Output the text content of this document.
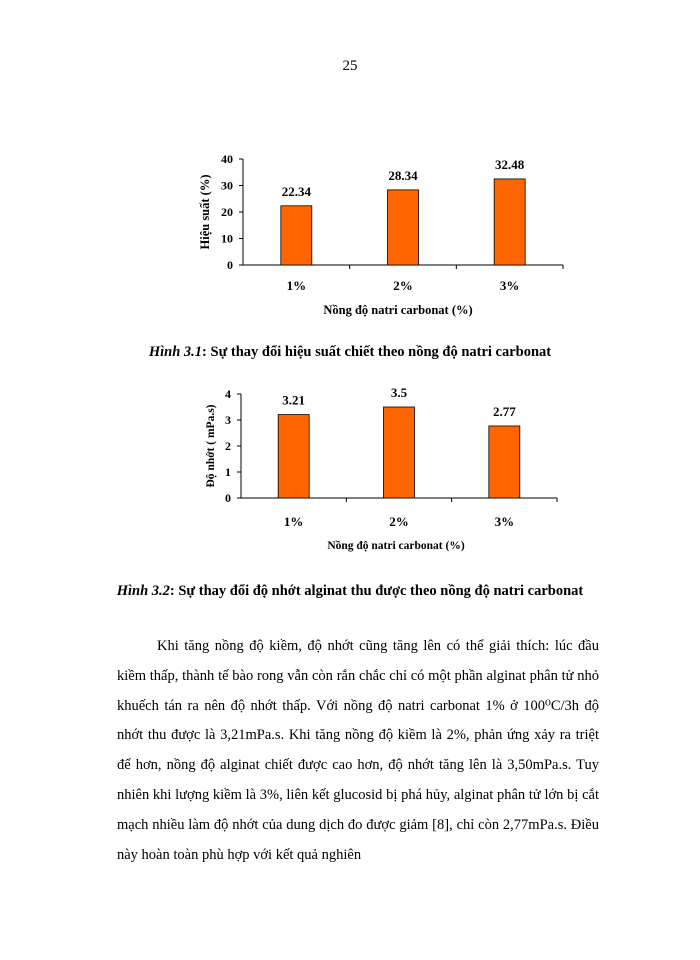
25
0
10
20
30
40
22.34
1%
28.34
2%
32.48
3%
Nồng độ natri carbonat (%)
Hiệu suất (%)
Hình 3.1: Sự thay đổi hiệu suất chiết theo nồng độ natri carbonat
0
1
2
3
4	3.21
1%
3.5
2%
2.77
3%
Nồng độ natri carbonat (%)
Độ nhớt ( mPa.s)
Hình 3.2: Sự thay đổi độ nhớt alginat thu được theo nồng độ natri carbonat

Khi tăng nồng độ kiềm, độ nhớt cũng tăng lên có thể giải thích: lúc đầu kiềm thấp, thành tế bào rong vẫn còn rắn chắc chỉ có một phần alginat phân tử nhỏ khuếch tán ra nên độ nhớt thấp. Với nồng độ natri carbonat 1% ở 100⁰C/3h độ nhớt thu được là 3,21mPa.s. Khi tăng nồng độ kiềm là 2%, phản ứng xảy ra triệt để hơn, nồng độ alginat chiết được cao hơn, độ nhớt tăng lên là 3,50mPa.s. Tuy nhiên khi lượng kiềm là 3%, liên kết glucosid bị phá hủy, alginat phân tử lớn bị cắt mạch nhiều làm độ nhớt của dung dịch đo được giảm [8], chỉ còn 2,77mPa.s. Điều này hoàn toàn phù hợp với kết quả nghiên
